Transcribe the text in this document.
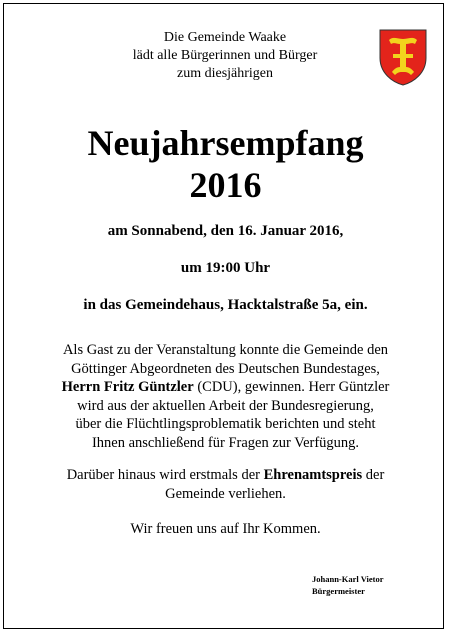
Die Gemeinde Waake
lädt alle Bürgerinnen und Bürger
zum diesjährigen
Neujahrsempfang
2016
am Sonnabend, den 16. Januar 2016,
um 19:00 Uhr
in das Gemeindehaus, Hacktalstraße 5a, ein.
Als Gast zu der Veranstaltung konnte die Gemeinde den
Göttinger Abgeordneten des Deutschen Bundestages,
Herrn Fritz Güntzler (CDU), gewinnen. Herr Güntzler
wird aus der aktuellen Arbeit der Bundesregierung,
über die Flüchtlingsproblematik berichten und steht
Ihnen anschließend für Fragen zur Verfügung.
Darüber hinaus wird erstmals der Ehrenamtspreis der
Gemeinde verliehen.
Wir freuen uns auf Ihr Kommen.
Johann-Karl Vietor
Bürgermeister
